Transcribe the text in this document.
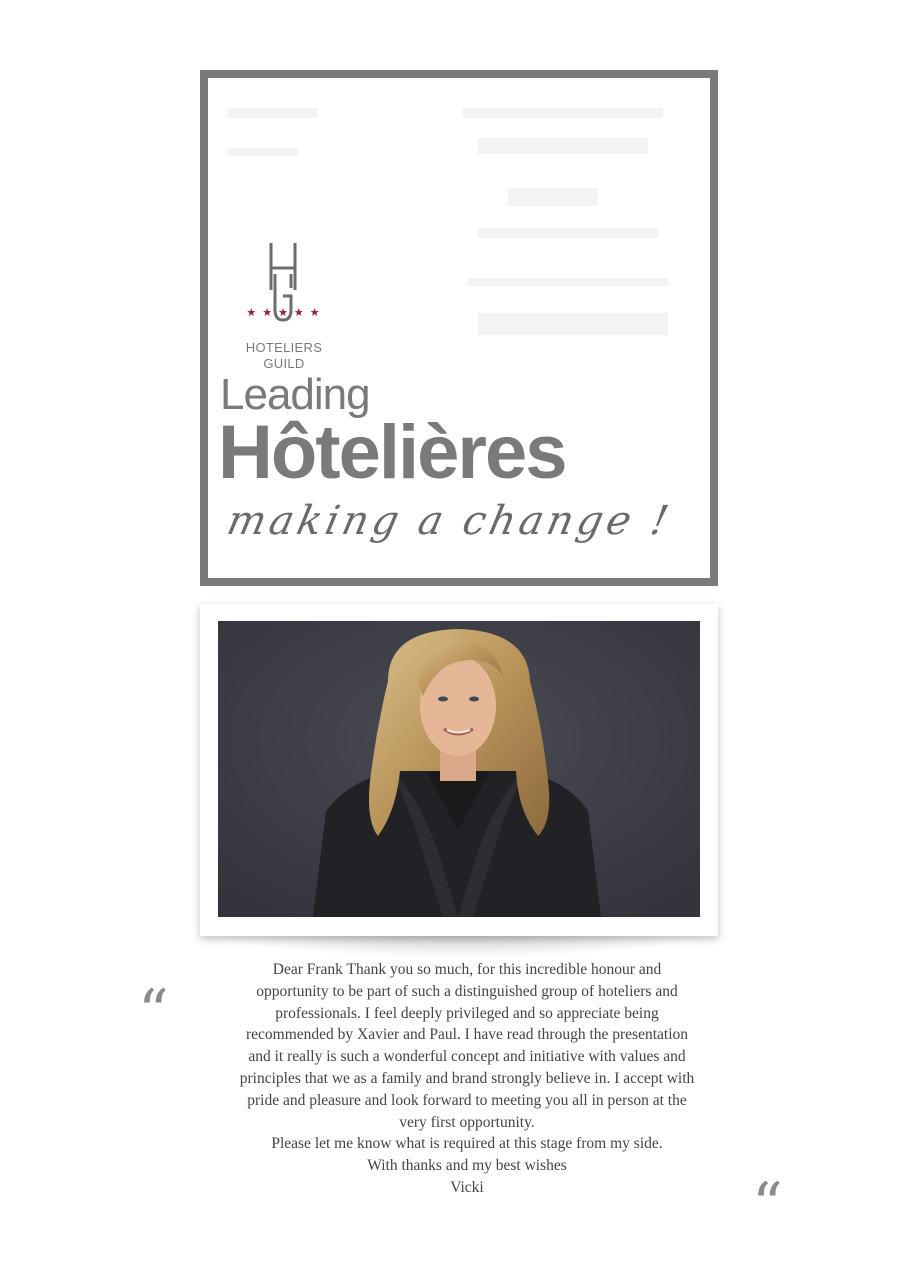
★★★★★
HOTELIERS
GUILD
Leading
Hôtelières
making a change !
“
“
Dear Frank Thank you so much, for this incredible honour and
opportunity to be part of such a distinguished group of hoteliers and
professionals. I feel deeply privileged and so appreciate being
recommended by Xavier and Paul. I have read through the presentation
and it really is such a wonderful concept and initiative with values and
principles that we as a family and brand strongly believe in. I accept with
pride and pleasure and look forward to meeting you all in person at the
very first opportunity.
Please let me know what is required at this stage from my side.
With thanks and my best wishes
Vicki
